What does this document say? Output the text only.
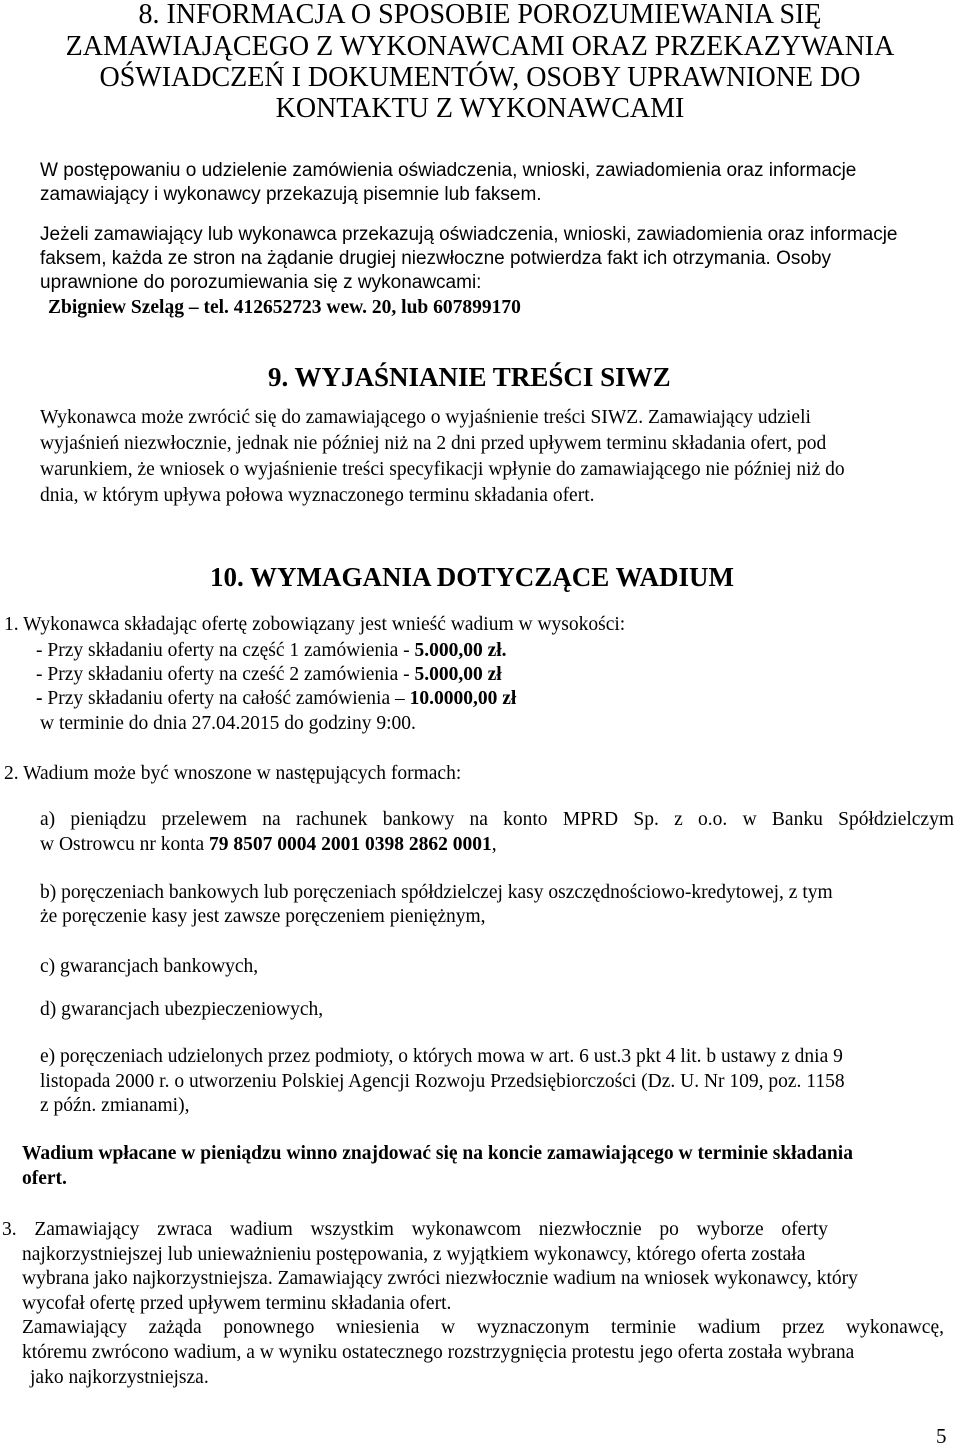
8. INFORMACJA O SPOSOBIE POROZUMIEWANIA SIĘ
ZAMAWIAJĄCEGO Z WYKONAWCAMI ORAZ PRZEKAZYWANIA
OŚWIADCZEŃ I DOKUMENTÓW, OSOBY UPRAWNIONE DO
KONTAKTU Z WYKONAWCAMI
W postępowaniu o udzielenie zamówienia oświadczenia, wnioski, zawiadomienia oraz informacje
zamawiający i wykonawcy przekazują pisemnie lub faksem.
Jeżeli zamawiający lub wykonawca przekazują oświadczenia, wnioski, zawiadomienia oraz informacje
faksem, każda ze stron na żądanie drugiej niezwłoczne potwierdza fakt ich otrzymania. Osoby
uprawnione do porozumiewania się z wykonawcami:
Zbigniew Szeląg – tel. 412652723 wew. 20, lub 607899170
9. WYJAŚNIANIE TREŚCI SIWZ
Wykonawca może zwrócić się do zamawiającego o wyjaśnienie treści SIWZ. Zamawiający udzieli
wyjaśnień niezwłocznie, jednak nie później niż na 2 dni przed upływem terminu składania ofert, pod
warunkiem, że wniosek o wyjaśnienie treści specyfikacji wpłynie do zamawiającego nie później niż do
dnia, w którym upływa połowa wyznaczonego terminu składania ofert.
10. WYMAGANIA DOTYCZĄCE WADIUM
1. Wykonawca składając ofertę zobowiązany jest wnieść wadium w wysokości:
- Przy składaniu oferty na część 1 zamówienia - 5.000,00 zł.
- Przy składaniu oferty na cześć 2 zamówienia - 5.000,00 zł
- Przy składaniu oferty na całość zamówienia – 10.0000,00 zł
w terminie do dnia 27.04.2015 do godziny 9:00.
2. Wadium może być wnoszone w następujących formach:
a) pieniądzu przelewem na rachunek bankowy na konto MPRD Sp. z o.o. w Banku Spółdzielczym
w Ostrowcu nr konta 79 8507 0004 2001 0398 2862 0001,
b) poręczeniach bankowych lub poręczeniach spółdzielczej kasy oszczędnościowo-kredytowej, z tym
że poręczenie kasy jest zawsze poręczeniem pieniężnym,
c) gwarancjach bankowych,
d) gwarancjach ubezpieczeniowych,
e) poręczeniach udzielonych przez podmioty, o których mowa w art. 6 ust.3 pkt 4 lit. b ustawy z dnia 9
listopada 2000 r. o utworzeniu Polskiej Agencji Rozwoju Przedsiębiorczości (Dz. U. Nr 109, poz. 1158
z późn. zmianami),
Wadium wpłacane w pieniądzu winno znajdować się na koncie zamawiającego w terminie składania
ofert.
3. Zamawiający zwraca wadium wszystkim wykonawcom niezwłocznie po wyborze oferty
najkorzystniejszej lub unieważnieniu postępowania, z wyjątkiem wykonawcy, którego oferta została
wybrana jako najkorzystniejsza. Zamawiający zwróci niezwłocznie wadium na wniosek wykonawcy, który
wycofał ofertę przed upływem terminu składania ofert.
Zamawiający zażąda ponownego wniesienia w wyznaczonym terminie wadium przez wykonawcę,
któremu zwrócono wadium, a w wyniku ostatecznego rozstrzygnięcia protestu jego oferta została wybrana
jako najkorzystniejsza.
5
